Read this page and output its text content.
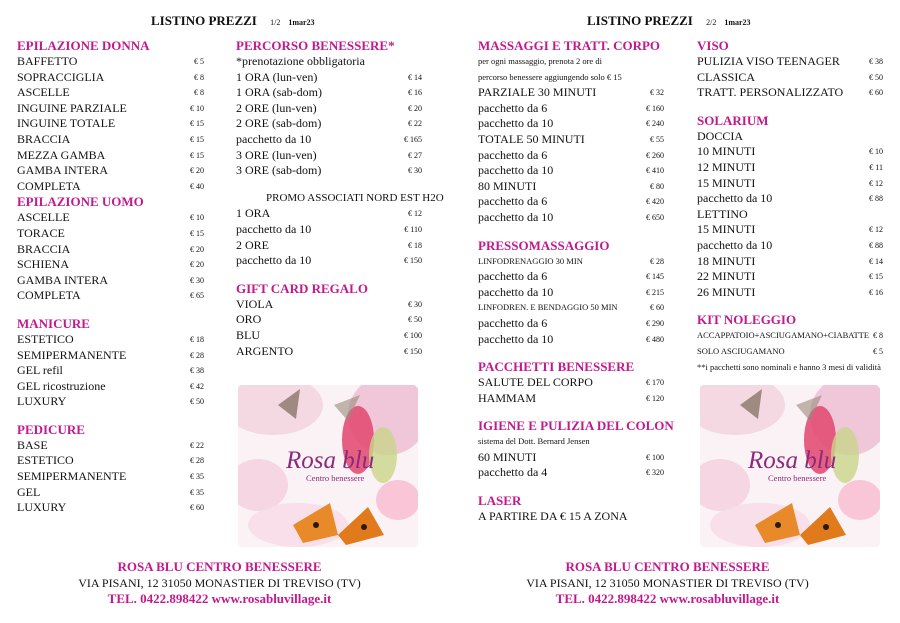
LISTINO PREZZI 1/2 1mar23
EPILAZIONE DONNA
BAFFETTO	€ 5
SOPRACCIGLIA	€ 8
ASCELLE	€ 8
INGUINE PARZIALE	€ 10
INGUINE TOTALE	€ 15
BRACCIA	€ 15
MEZZA GAMBA	€ 15
GAMBA INTERA	€ 20
COMPLETA	€ 40
EPILAZIONE UOMO
ASCELLE	€ 10
TORACE	€ 15
BRACCIA	€ 20
SCHIENA	€ 20
GAMBA INTERA	€ 30
COMPLETA	€ 65
MANICURE
ESTETICO	€ 18
SEMIPERMANENTE	€ 28
GEL refil	€ 38
GEL ricostruzione	€ 42
LUXURY	€ 50
PEDICURE
BASE	€ 22
ESTETICO	€ 28
SEMIPERMANENTE	€ 35
GEL	€ 35
LUXURY	€ 60
PERCORSO BENESSERE*
*prenotazione obbligatoria
1 ORA (lun-ven)	€ 14
1 ORA (sab-dom)	€ 16
2 ORE (lun-ven)	€ 20
2 ORE (sab-dom)	€ 22
pacchetto da 10	€ 165
3 ORE (lun-ven)	€ 27
3 ORE (sab-dom)	€ 30
PROMO ASSOCIATI NORD EST H2O
1 ORA	€ 12
pacchetto da 10	€ 110
2 ORE	€ 18
pacchetto da 10	€ 150
GIFT CARD REGALO
VIOLA	€ 30
ORO	€ 50
BLU	€ 100
ARGENTO	€ 150
Rosa blu
Centro benessere
ROSA BLU CENTRO BENESSERE
VIA PISANI, 12 31050 MONASTIER DI TREVISO (TV)
TEL. 0422.898422 www.rosabluvillage.it
LISTINO PREZZI 2/2 1mar23
MASSAGGI E TRATT. CORPO
per ogni massaggio, prenota 2 ore di
percorso benessere aggiungendo solo € 15
PARZIALE 30 MINUTI	€ 32
pacchetto da 6	€ 160
pacchetto da 10	€ 240
TOTALE 50 MINUTI	€ 55
pacchetto da 6	€ 260
pacchetto da 10	€ 410
80 MINUTI	€ 80
pacchetto da 6	€ 420
pacchetto da 10	€ 650
PRESSOMASSAGGIO
LINFODRENAGGIO 30 MIN	€ 28
pacchetto da 6	€ 145
pacchetto da 10	€ 215
LINFODREN. E BENDAGGIO 50 MIN	€ 60
pacchetto da 6	€ 290
pacchetto da 10	€ 480
PACCHETTI BENESSERE
SALUTE DEL CORPO	€ 170
HAMMAM	€ 120
IGIENE E PULIZIA DEL COLON
sistema del Dott. Bernard Jensen
60 MINUTI	€ 100
pacchetto da 4	€ 320
LASER
A PARTIRE DA € 15 A ZONA
VISO
PULIZIA VISO TEENAGER	€ 38
CLASSICA	€ 50
TRATT. PERSONALIZZATO	€ 60
SOLARIUM
DOCCIA
10 MINUTI	€ 10
12 MINUTI	€ 11
15 MINUTI	€ 12
pacchetto da 10	€ 88
LETTINO
15 MINUTI	€ 12
pacchetto da 10	€ 88
18 MINUTI	€ 14
22 MINUTI	€ 15
26 MINUTI	€ 16
KIT NOLEGGIO
ACCAPPATOIO+ASCIUGAMANO+CIABATTE € 8
SOLO ASCIUGAMANO	€ 5
**i pacchetti sono nominali e hanno 3 mesi di validità
Rosa blu
Centro benessere
ROSA BLU CENTRO BENESSERE
VIA PISANI, 12 31050 MONASTIER DI TREVISO (TV)
TEL. 0422.898422 www.rosabluvillage.it
